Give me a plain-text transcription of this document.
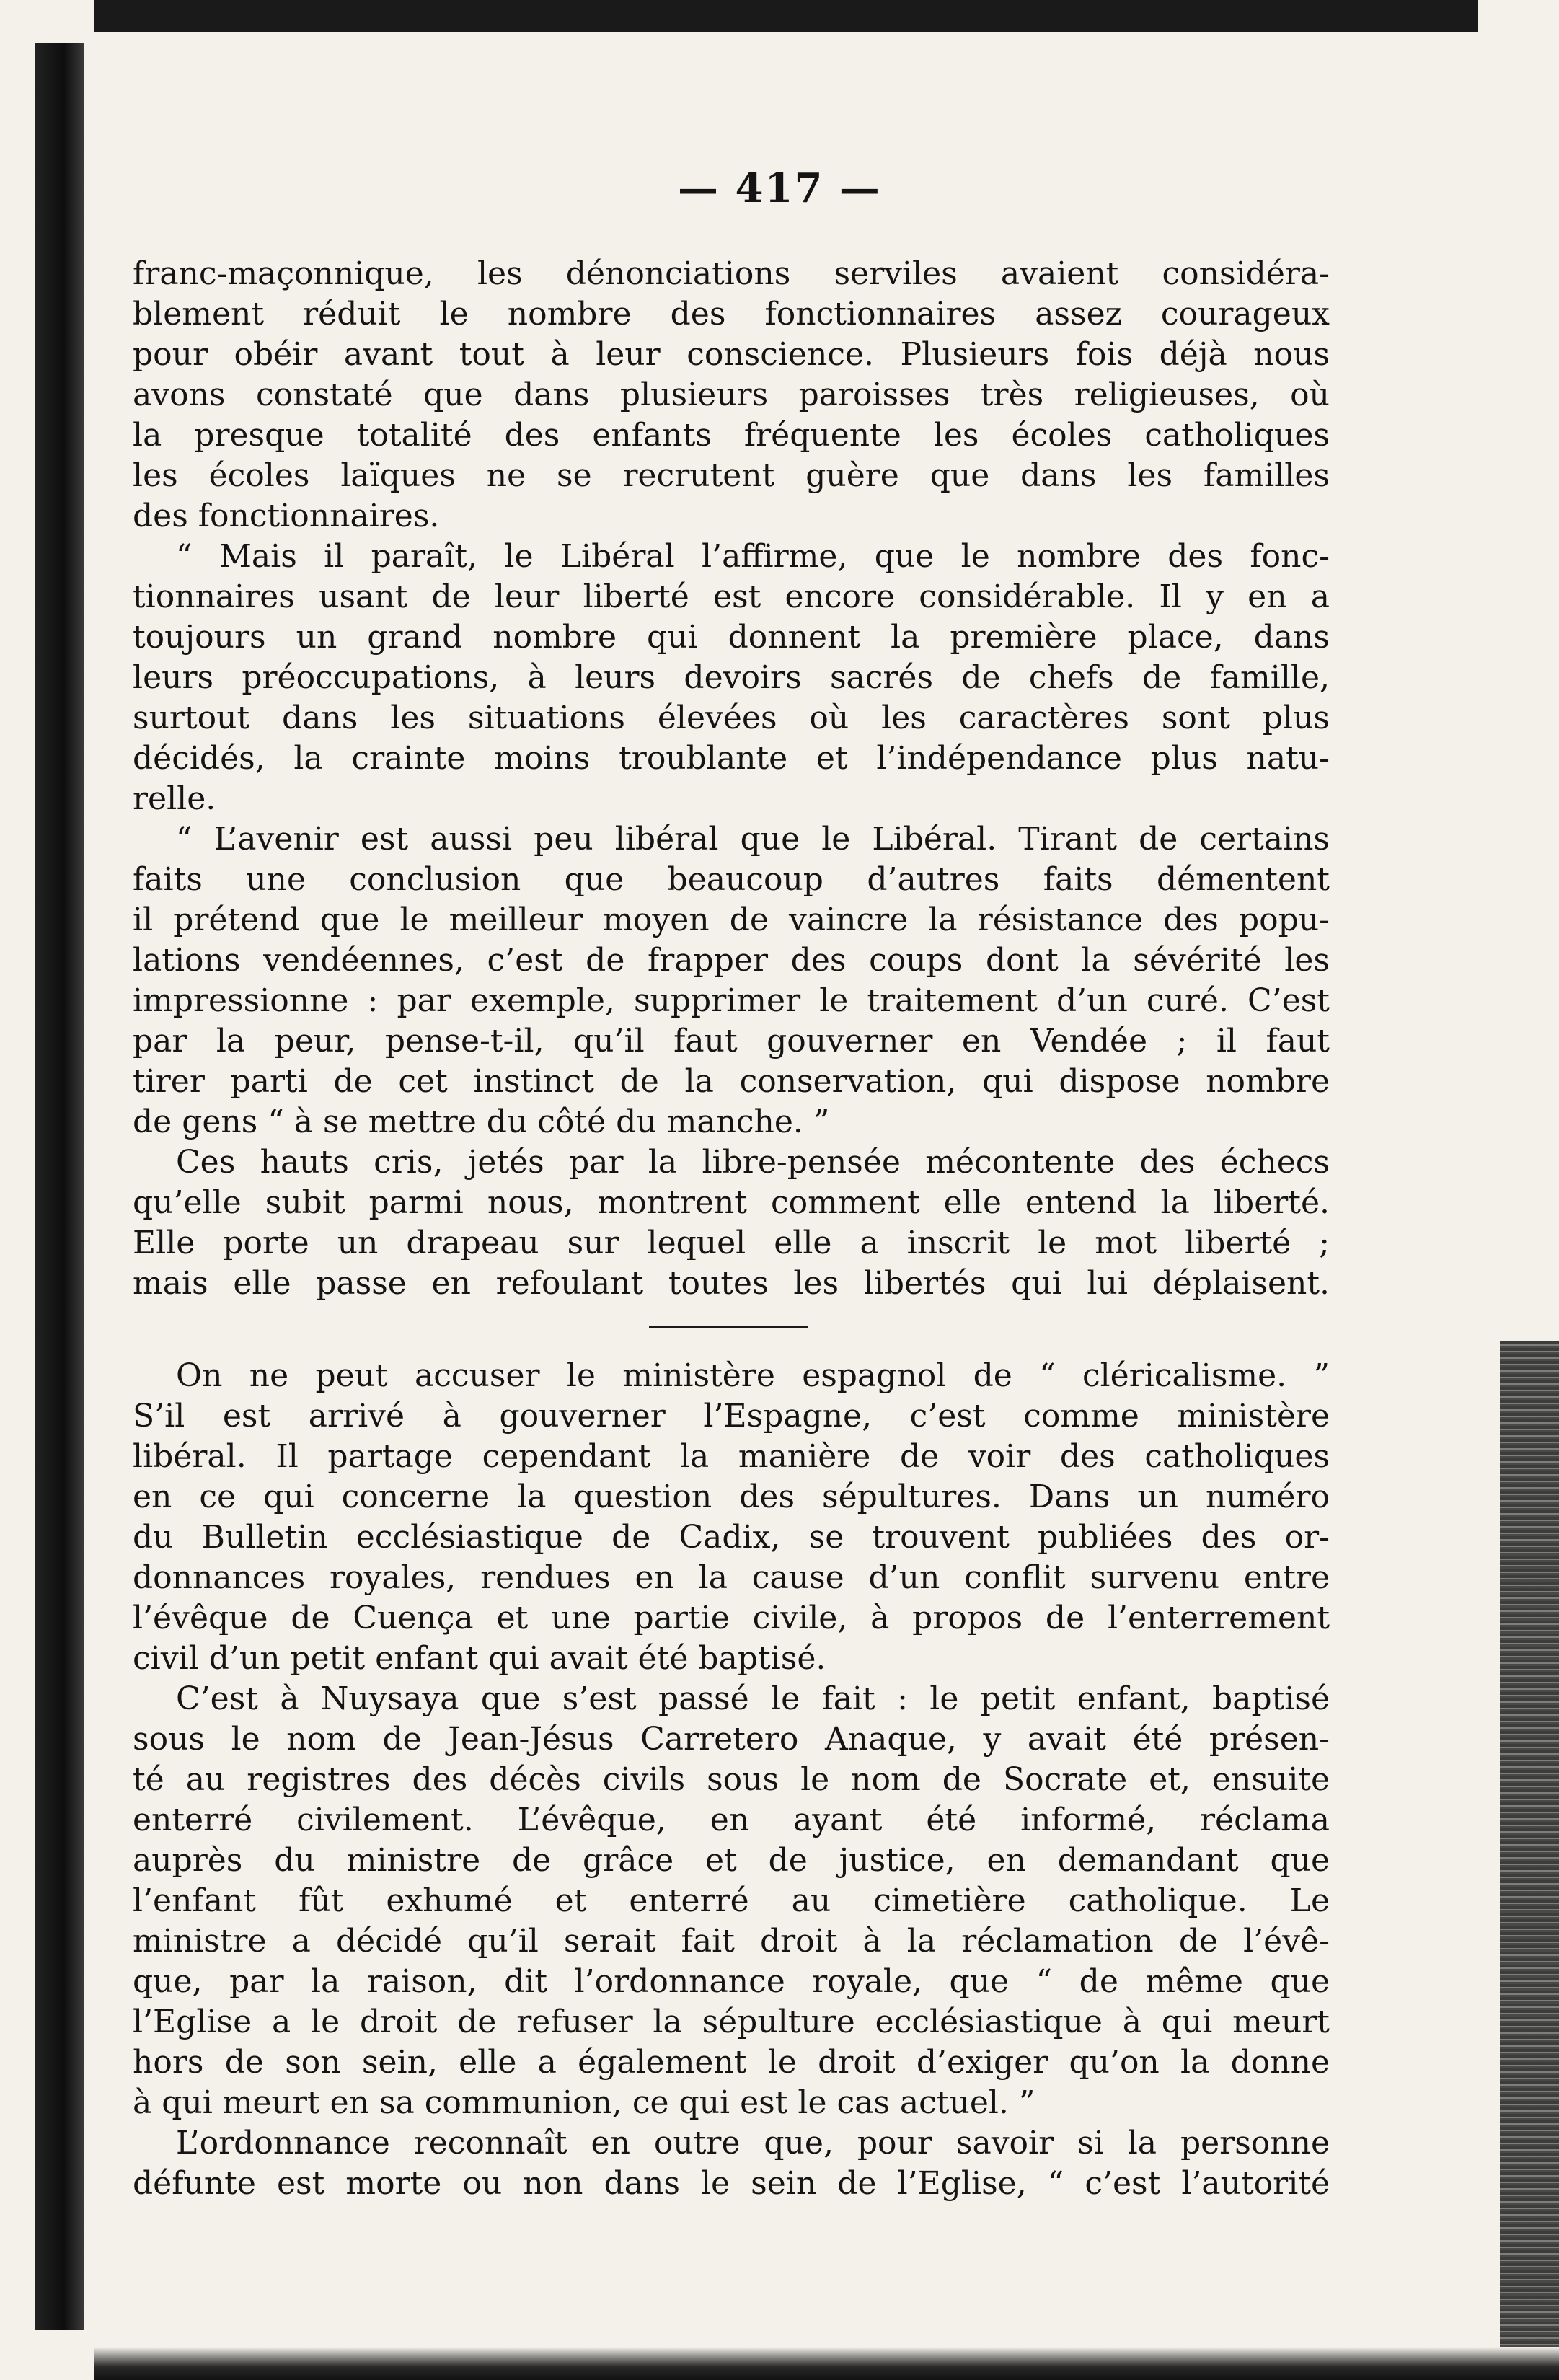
— 417 —
franc-maçonnique, les dénonciations serviles avaient considéra-
blement réduit le nombre des fonctionnaires assez courageux
pour obéir avant tout à leur conscience. Plusieurs fois déjà nous
avons constaté que dans plusieurs paroisses très religieuses, où
la presque totalité des enfants fréquente les écoles catholiques
les écoles laïques ne se recrutent guère que dans les familles
des fonctionnaires.
“ Mais il paraît, le Libéral l’affirme, que le nombre des fonc-
tionnaires usant de leur liberté est encore considérable. Il y en a
toujours un grand nombre qui donnent la première place, dans
leurs préoccupations, à leurs devoirs sacrés de chefs de famille,
surtout dans les situations élevées où les caractères sont plus
décidés, la crainte moins troublante et l’indépendance plus natu-
relle.
“ L’avenir est aussi peu libéral que le Libéral. Tirant de certains
faits une conclusion que beaucoup d’autres faits démentent
il prétend que le meilleur moyen de vaincre la résistance des popu-
lations vendéennes, c’est de frapper des coups dont la sévérité les
impressionne : par exemple, supprimer le traitement d’un curé. C’est
par la peur, pense-t-il, qu’il faut gouverner en Vendée ; il faut
tirer parti de cet instinct de la conservation, qui dispose nombre
de gens “ à se mettre du côté du manche. ”
Ces hauts cris, jetés par la libre-pensée mécontente des échecs
qu’elle subit parmi nous, montrent comment elle entend la liberté.
Elle porte un drapeau sur lequel elle a inscrit le mot liberté ;
mais elle passe en refoulant toutes les libertés qui lui déplaisent.
On ne peut accuser le ministère espagnol de “ cléricalisme. ”
S’il est arrivé à gouverner l’Espagne, c’est comme ministère
libéral. Il partage cependant la manière de voir des catholiques
en ce qui concerne la question des sépultures. Dans un numéro
du Bulletin ecclésiastique de Cadix, se trouvent publiées des or-
donnances royales, rendues en la cause d’un conflit survenu entre
l’évêque de Cuença et une partie civile, à propos de l’enterrement
civil d’un petit enfant qui avait été baptisé.
C’est à Nuysaya que s’est passé le fait : le petit enfant, baptisé
sous le nom de Jean-Jésus Carretero Anaque, y avait été présen-
té au registres des décès civils sous le nom de Socrate et, ensuite
enterré civilement. L’évêque, en ayant été informé, réclama
auprès du ministre de grâce et de justice, en demandant que
l’enfant fût exhumé et enterré au cimetière catholique. Le
ministre a décidé qu’il serait fait droit à la réclamation de l’évê-
que, par la raison, dit l’ordonnance royale, que “ de même que
l’Eglise a le droit de refuser la sépulture ecclésiastique à qui meurt
hors de son sein, elle a également le droit d’exiger qu’on la donne
à qui meurt en sa communion, ce qui est le cas actuel. ”
L’ordonnance reconnaît en outre que, pour savoir si la personne
défunte est morte ou non dans le sein de l’Eglise, “ c’est l’autorité
